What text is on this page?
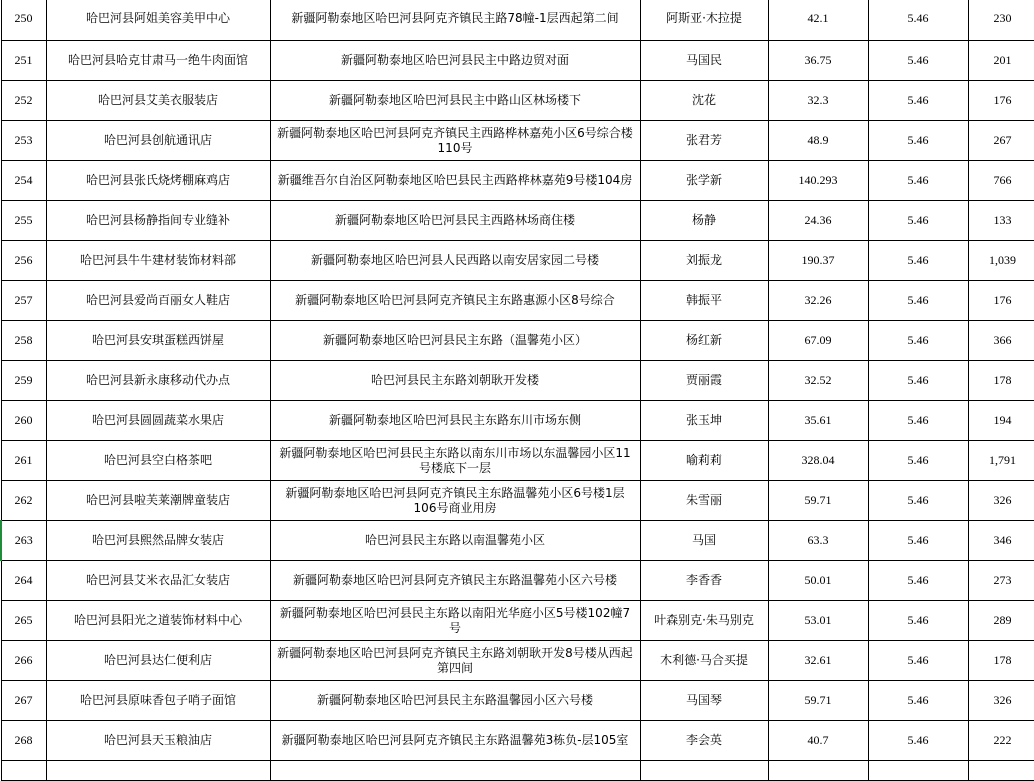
250	哈巴河县阿姐美容美甲中心	新疆阿勒泰地区哈巴河县阿克齐镇民主路78幢-1层西起第二间	阿斯亚·木拉提	42.1	5.46	230
251	哈巴河县哈克甘肃马一绝牛肉面馆	新疆阿勒泰地区哈巴河县民主中路边贸对面	马国民	36.75	5.46	201
252	哈巴河县艾美衣服装店	新疆阿勒泰地区哈巴河县民主中路山区林场楼下	沈花	32.3	5.46	176
253	哈巴河县创航通讯店	新疆阿勒泰地区哈巴河县阿克齐镇民主西路桦林嘉苑小区6号综合楼110号	张君芳	48.9	5.46	267
254	哈巴河县张氏烧烤棚麻鸡店	新疆维吾尔自治区阿勒泰地区哈巴县民主西路桦林嘉苑9号楼104房	张学新	140.293	5.46	766
255	哈巴河县杨静指间专业缝补	新疆阿勒泰地区哈巴河县民主西路林场商住楼	杨静	24.36	5.46	133
256	哈巴河县牛牛建材装饰材料部	新疆阿勒泰地区哈巴河县人民西路以南安居家园二号楼	刘振龙	190.37	5.46	1,039
257	哈巴河县爱尚百丽女人鞋店	新疆阿勒泰地区哈巴河县阿克齐镇民主东路惠源小区8号综合	韩振平	32.26	5.46	176
258	哈巴河县安琪蛋糕西饼屋	新疆阿勒泰地区哈巴河县民主东路（温馨苑小区）	杨红新	67.09	5.46	366
259	哈巴河县新永康移动代办点	哈巴河县民主东路刘朝耿开发楼	贾丽霞	32.52	5.46	178
260	哈巴河县圆圆蔬菜水果店	新疆阿勒泰地区哈巴河县民主东路东川市场东侧	张玉坤	35.61	5.46	194
261	哈巴河县空白格茶吧	新疆阿勒泰地区哈巴河县民主东路以南东川市场以东温馨园小区11号楼底下一层	喻莉莉	328.04	5.46	1,791
262	哈巴河县啦芙莱潮牌童装店	新疆阿勒泰地区哈巴河县阿克齐镇民主东路温馨苑小区6号楼1层106号商业用房	朱雪丽	59.71	5.46	326
263	哈巴河县熙然品牌女装店	哈巴河县民主东路以南温馨苑小区	马国	63.3	5.46	346
264	哈巴河县艾米衣品汇女装店	新疆阿勒泰地区哈巴河县阿克齐镇民主东路温馨苑小区六号楼	李香香	50.01	5.46	273
265	哈巴河县阳光之道装饰材料中心	新疆阿勒泰地区哈巴河县民主东路以南阳光华庭小区5号楼102幢7号	叶森别克·朱马别克	53.01	5.46	289
266	哈巴河县达仁便利店	新疆阿勒泰地区哈巴河县阿克齐镇民主东路刘朝耿开发8号楼从西起第四间	木利德·马合买提	32.61	5.46	178
267	哈巴河县原味香包子哨子面馆	新疆阿勒泰地区哈巴河县民主东路温馨园小区六号楼	马国琴	59.71	5.46	326
268	哈巴河县天玉粮油店	新疆阿勒泰地区哈巴河县阿克齐镇民主东路温馨苑3栋负-层105室	李会英	40.7	5.46	222
